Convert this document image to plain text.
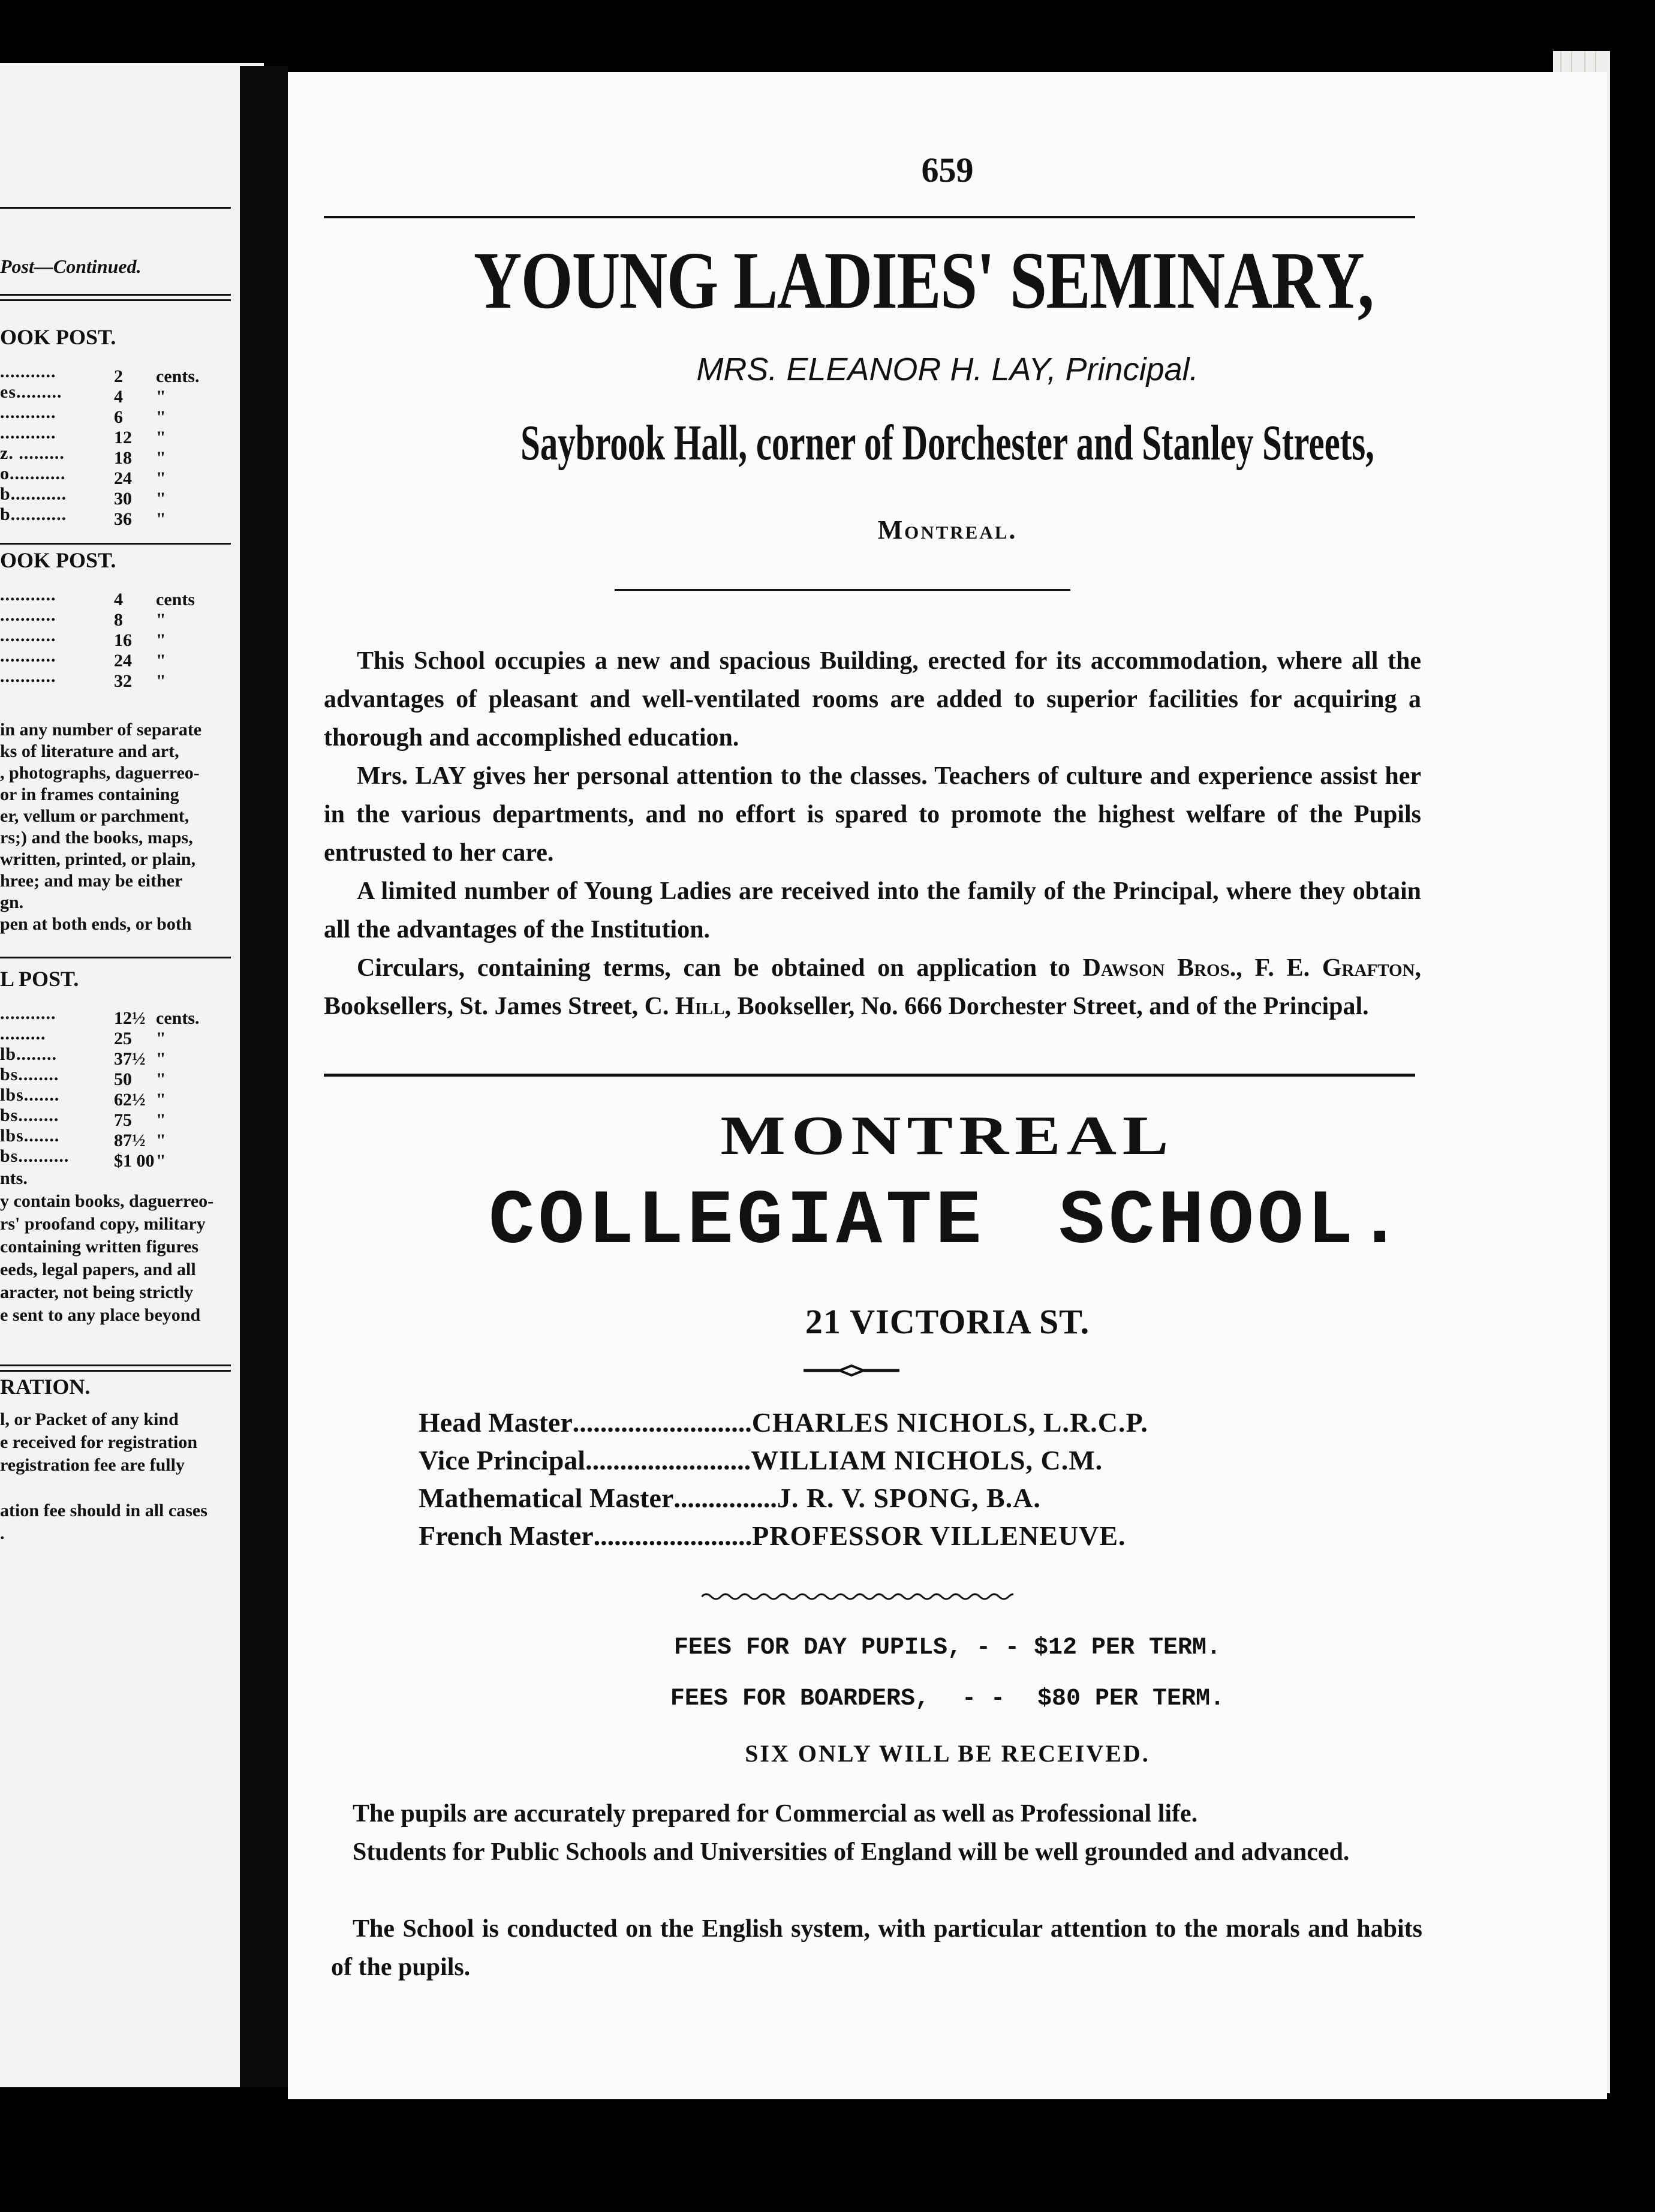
Post—Continued.
OOK POST.
...........	2 cents.
es.........	4 "
...........	6 "
...........	12 "
z. .........	18 "
o...........	24 "
b...........	30 "
b...........	36 "
OOK POST.
...........	4 cents
...........	8 "
...........	16 "
...........	24 "
...........	32 "
in any number of separate
ks of literature and art,
, photographs, daguerreo-
or in frames containing
er, vellum or parchment,
rs;) and the books, maps,
written, printed, or plain,
hree; and may be either
gn.
pen at both ends, or both
L POST.
...........	12½ cents.
.........	25 "
lb........	37½ "
bs........	50 "
lbs.......	62½ "
bs........	75 "
lbs.......	87½ "
bs.......... $1 00"
nts.
y contain books, daguerreo-
rs' proofand copy, military
containing written figures
eeds, legal papers, and all
aracter, not being strictly
e sent to any place beyond
RATION.
l, or Packet of any kind
e received for registration
registration fee are fully
ation fee should in all cases
.
659
YOUNG LADIES' SEMINARY,
MRS. ELEANOR H. LAY, Principal.
Saybrook Hall, corner of Dorchester and Stanley Streets,
Montreal.
This School occupies a new and spacious Building, erected for its accommodation, where all the advantages of pleasant and well-ventilated rooms are added to superior facilities for acquiring a thorough and accomplished education.
Mrs. LAY gives her personal attention to the classes. Teachers of culture and experience assist her in the various departments, and no effort is spared to promote the highest welfare of the Pupils entrusted to her care.
A limited number of Young Ladies are received into the family of the Principal, where they obtain all the advantages of the Institution.
Circulars, containing terms, can be obtained on application to Dawson Bros., F. E. Grafton, Booksellers, St. James Street, C. Hill, Bookseller, No. 666 Dorchester Street, and of the Principal.
MONTREAL
COLLEGIATE SCHOOL.
21 VICTORIA ST.
Head Master..........................CHARLES NICHOLS, L.R.C.P.
Vice Principal........................WILLIAM NICHOLS, C.M.
Mathematical Master...............J. R. V. SPONG, B.A.
French Master.......................PROFESSOR VILLENEUVE.
FEES FOR DAY PUPILS, - - $12 PER TERM.
FEES FOR BOARDERS, - - $80 PER TERM.
SIX ONLY WILL BE RECEIVED.
The pupils are accurately prepared for Commercial as well as Professional life.
Students for Public Schools and Universities of England will be well grounded and advanced.
The School is conducted on the English system, with particular attention to the morals and habits of the pupils.
